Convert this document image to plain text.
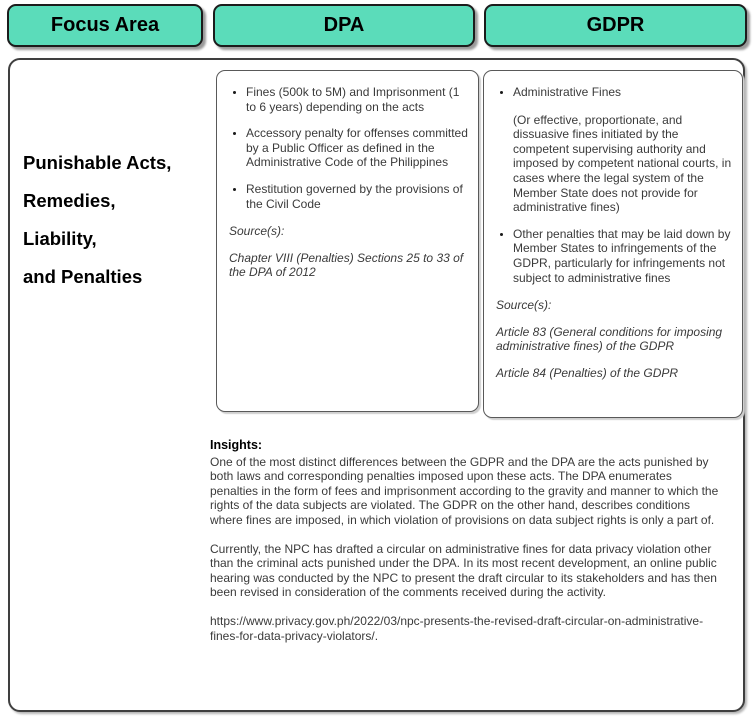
Focus Area	DPA	GDPR
Punishable Acts,
Remedies,
Liability,
and Penalties
• Fines (500k to 5M) and Imprisonment (1 to 6 years) depending on the acts
• Accessory penalty for offenses committed by a Public Officer as defined in the Administrative Code of the Philippines
• Restitution governed by the provisions of the Civil Code
Source(s):
Chapter VIII (Penalties) Sections 25 to 33 of the DPA of 2012
• Administrative Fines
(Or effective, proportionate, and dissuasive fines initiated by the competent supervising authority and imposed by competent national courts, in cases where the legal system of the Member State does not provide for administrative fines)
• Other penalties that may be laid down by Member States to infringements of the GDPR, particularly for infringements not subject to administrative fines
Source(s):
Article 83 (General conditions for imposing administrative fines) of the GDPR
Article 84 (Penalties) of the GDPR
Insights:

One of the most distinct differences between the GDPR and the DPA are the acts punished by both laws and corresponding penalties imposed upon these acts. The DPA enumerates penalties in the form of fees and imprisonment according to the gravity and manner to which the rights of the data subjects are violated. The GDPR on the other hand, describes conditions where fines are imposed, in which violation of provisions on data subject rights is only a part of.

Currently, the NPC has drafted a circular on administrative fines for data privacy violation other than the criminal acts punished under the DPA. In its most recent development, an online public hearing was conducted by the NPC to present the draft circular to its stakeholders and has then been revised in consideration of the comments received during the activity.

https://www.privacy.gov.ph/2022/03/npc-presents-the-revised-draft-circular-on-administrative-fines-for-data-privacy-violators/.
